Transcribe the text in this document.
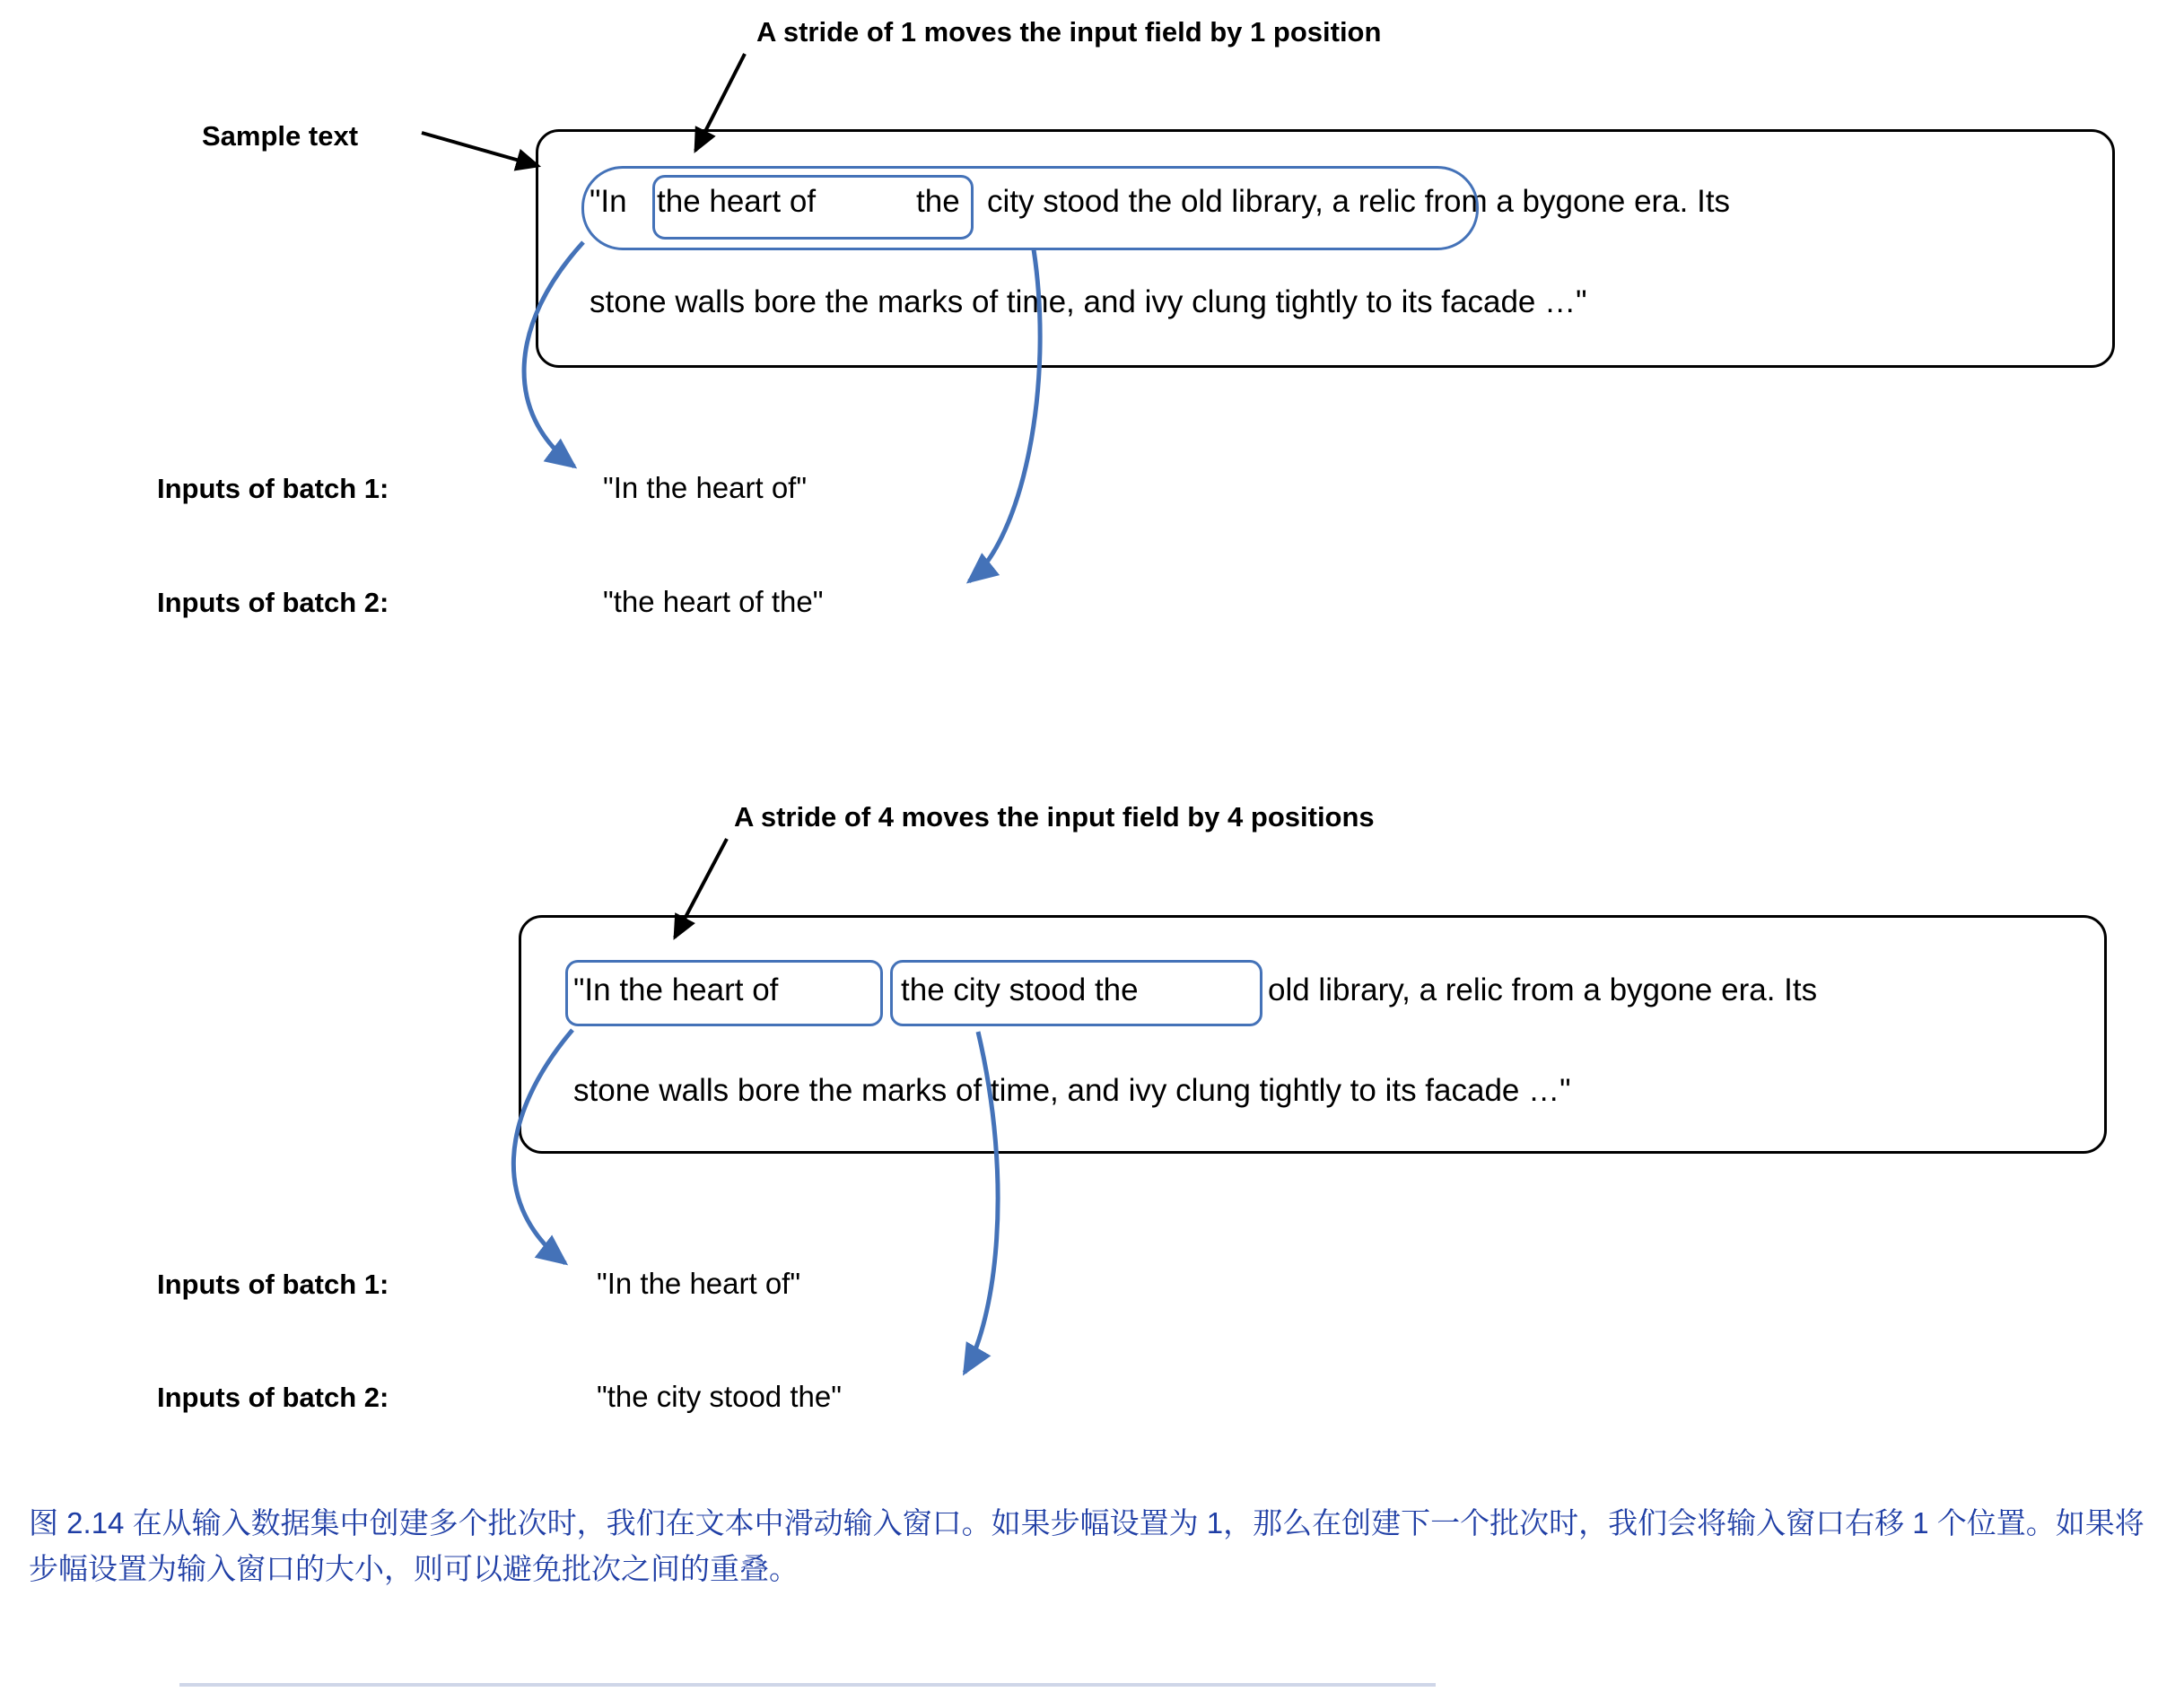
A stride of 1 moves the input field by 1 position
Sample text
"In the heart of	the city stood the old library, a relic from a bygone era. Its
stone walls bore the marks of time, and ivy clung tightly to its facade …"
Inputs of batch 1:	"In the heart of"
Inputs of batch 2:	"the heart of the"
A stride of 4 moves the input field by 4 positions
"In the heart of	the city stood the	old library, a relic from a bygone era. Its
stone walls bore the marks of time, and ivy clung tightly to its facade …"
Inputs of batch 1:	"In the heart of"
Inputs of batch 2:	"the city stood the"
图 2.14 在从输入数据集中创建多个批次时，我们在文本中滑动输入窗口。如果步幅设置为 1，那么在创建下一个批次时，我们会将输入窗口右移 1 个位置。如果将步幅设置为输入窗口的大小，则可以避免批次之间的重叠。
